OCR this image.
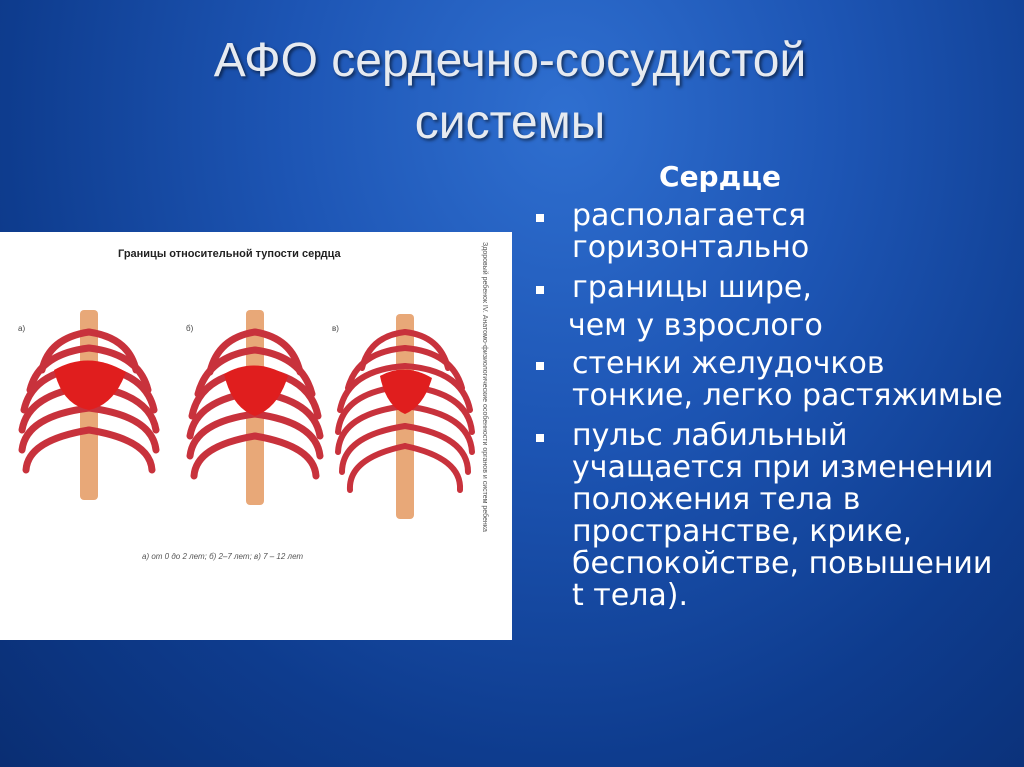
АФО сердечно-сосудистой системы
Сердце
располагается горизонтально
границы шире,
чем у взрослого
стенки желудочков тонкие, легко растяжимые
пульс лабильный учащается при изменении положения тела в пространстве, крике, беспокойстве, повышении t тела).
Границы относительной тупости сердца	Здоровый ребенок IV. Анатомо-физиологические особенности органов и систем ребенка
а)	б)	в)
а) от 0 до 2 лет; б) 2–7 лет; в) 7 – 12 лет
